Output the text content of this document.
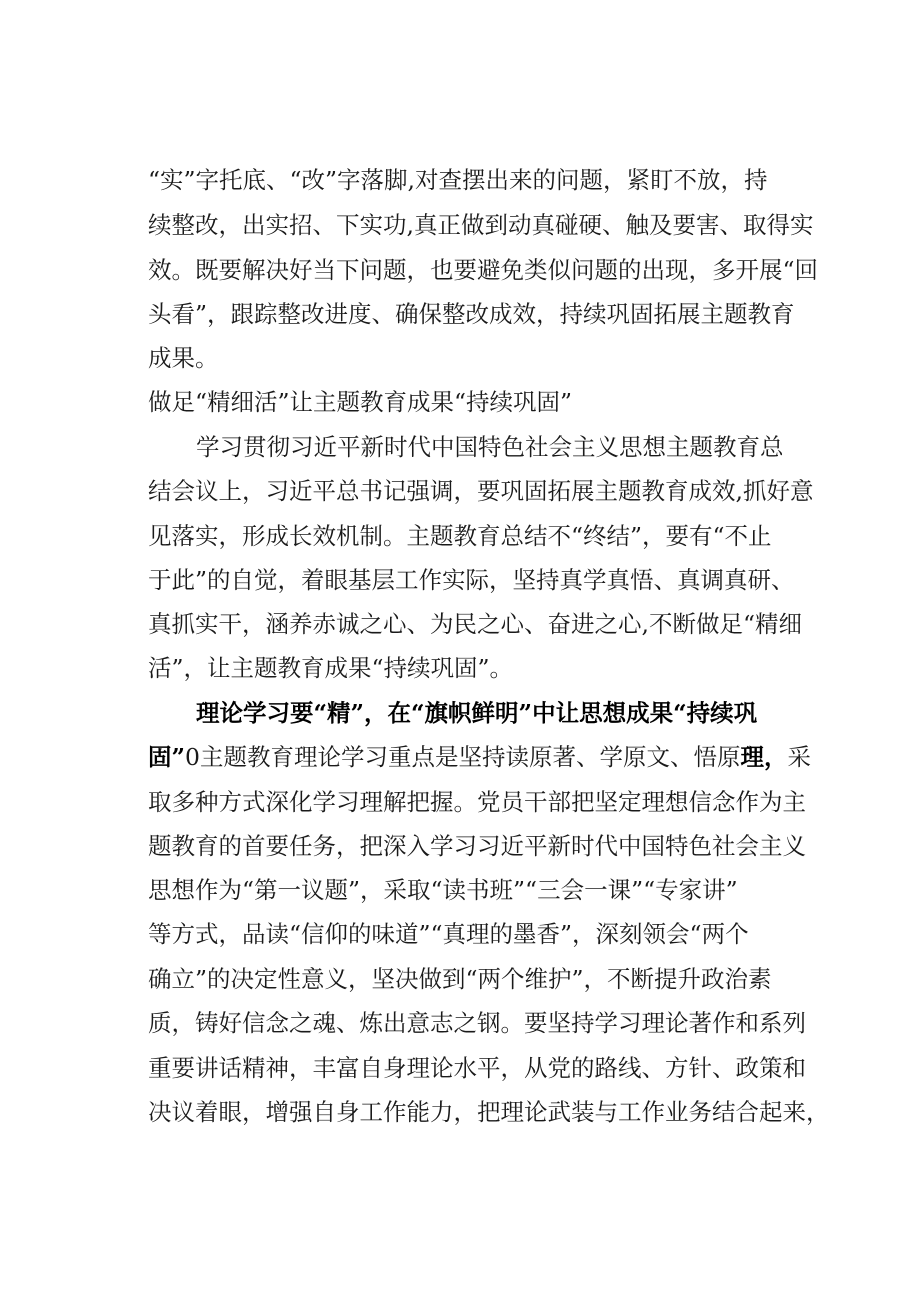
“实”字托底、“改”字落脚,对查摆出来的问题，紧盯不放，持
续整改，出实招、下实功,真正做到动真碰硬、触及要害、取得实
效。既要解决好当下问题，也要避免类似问题的出现，多开展“回
头看”，跟踪整改进度、确保整改成效，持续巩固拓展主题教育
成果。
做足“精细活”让主题教育成果“持续巩固”
学习贯彻习近平新时代中国特色社会主义思想主题教育总
结会议上，习近平总书记强调，要巩固拓展主题教育成效,抓好意
见落实，形成长效机制。主题教育总结不“终结”，要有“不止
于此”的自觉，着眼基层工作实际，坚持真学真悟、真调真研、
真抓实干，涵养赤诚之心、为民之心、奋进之心,不断做足“精细
活”，让主题教育成果“持续巩固”。
理论学习要“精”，在“旗帜鲜明”中让思想成果“持续巩
固”0主题教育理论学习重点是坚持读原著、学原文、悟原理，采
取多种方式深化学习理解把握。党员干部把坚定理想信念作为主
题教育的首要任务，把深入学习习近平新时代中国特色社会主义
思想作为“第一议题”，采取“读书班”“三会一课”“专家讲”
等方式，品读“信仰的味道”“真理的墨香”，深刻领会“两个
确立”的决定性意义，坚决做到“两个维护”，不断提升政治素
质，铸好信念之魂、炼出意志之钢。要坚持学习理论著作和系列
重要讲话精神，丰富自身理论水平，从党的路线、方针、政策和
决议着眼，增强自身工作能力，把理论武装与工作业务结合起来，
